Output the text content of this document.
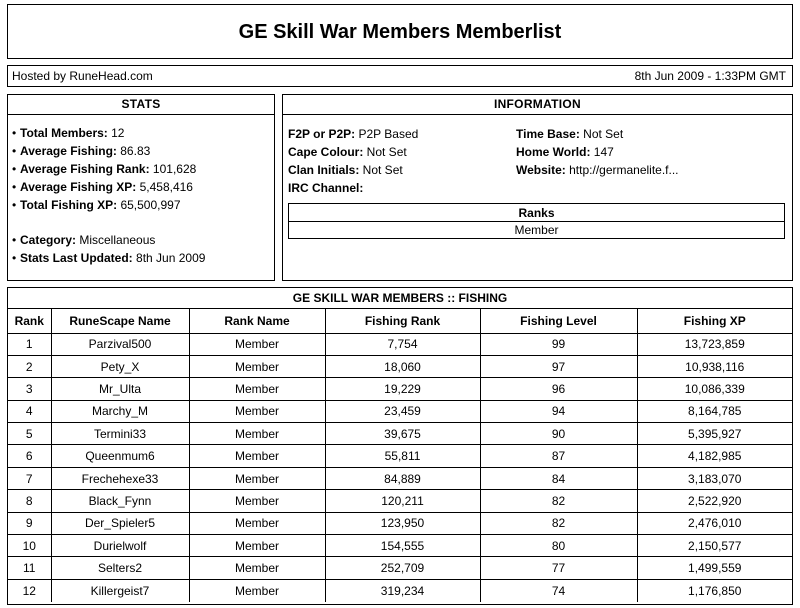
GE Skill War Members Memberlist
Hosted by RuneHead.com	8th Jun 2009 - 1:33PM GMT
STATS
• Total Members: 12
• Average Fishing: 86.83
• Average Fishing Rank: 101,628
• Average Fishing XP: 5,458,416
• Total Fishing XP: 65,500,997
• Category: Miscellaneous
• Stats Last Updated: 8th Jun 2009
INFORMATION
F2P or P2P: P2P Based
Cape Colour: Not Set
Clan Initials: Not Set
IRC Channel:
Time Base: Not Set
Home World: 147
Website: http://germanelite.f...
Ranks
Member
GE SKILL WAR MEMBERS :: FISHING
Rank	RuneScape Name	Rank Name	Fishing Rank	Fishing Level	Fishing XP
1	Parzival500	Member	7,754	99	13,723,859
2	Pety_X	Member	18,060	97	10,938,116
3	Mr_Ulta	Member	19,229	96	10,086,339
4	Marchy_M	Member	23,459	94	8,164,785
5	Termini33	Member	39,675	90	5,395,927
6	Queenmum6	Member	55,811	87	4,182,985
7	Frechehexe33	Member	84,889	84	3,183,070
8	Black_Fynn	Member	120,211	82	2,522,920
9	Der_Spieler5	Member	123,950	82	2,476,010
10	Durielwolf	Member	154,555	80	2,150,577
11	Selters2	Member	252,709	77	1,499,559
12	Killergeist7	Member	319,234	74	1,176,850
